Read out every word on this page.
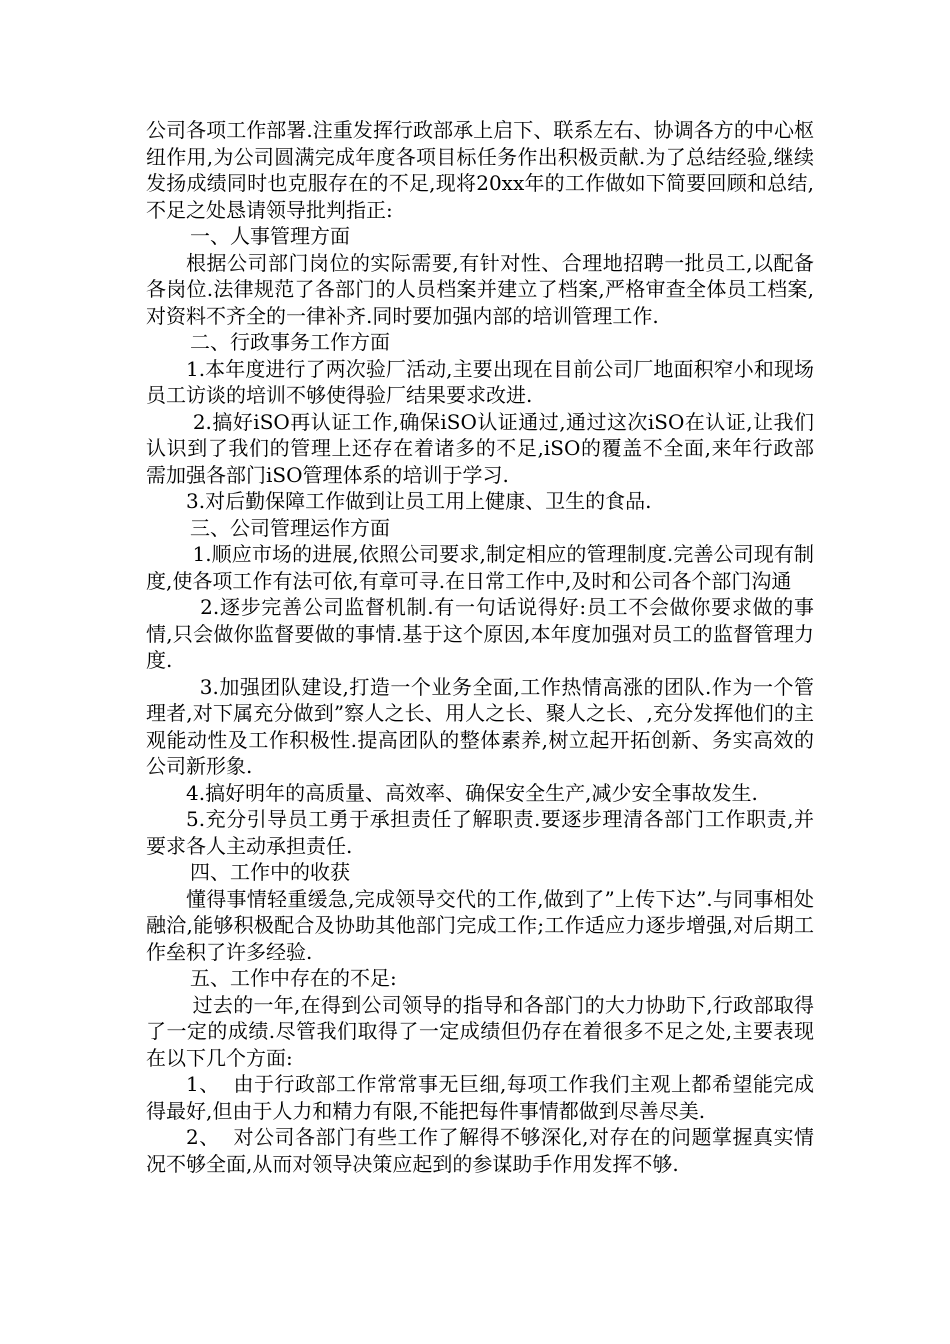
公司各项工作部署.注重发挥行政部承上启下、联系左右、协调各方的中心枢纽作用,为公司圆满完成年度各项目标任务作出积极贡献.为了总结经验,继续发扬成绩同时也克服存在的不足,现将20xx年的工作做如下简要回顾和总结,不足之处恳请领导批判指正:

一、人事管理方面

根据公司部门岗位的实际需要,有针对性、合理地招聘一批员工,以配备各岗位.法律规范了各部门的人员档案并建立了档案,严格审查全体员工档案,对资料不齐全的一律补齐.同时要加强内部的培训管理工作.

二、行政事务工作方面

1.本年度进行了两次验厂活动,主要出现在目前公司厂地面积窄小和现场员工访谈的培训不够使得验厂结果要求改进.

2.搞好iSO再认证工作,确保iSO认证通过,通过这次iSO在认证,让我们认识到了我们的管理上还存在着诸多的不足,iSO的覆盖不全面,来年行政部需加强各部门iSO管理体系的培训于学习.

3.对后勤保障工作做到让员工用上健康、卫生的食品.

三、公司管理运作方面

1.顺应市场的进展,依照公司要求,制定相应的管理制度.完善公司现有制度,使各项工作有法可依,有章可寻.在日常工作中,及时和公司各个部门沟通

2.逐步完善公司监督机制.有一句话说得好:员工不会做你要求做的事情,只会做你监督要做的事情.基于这个原因,本年度加强对员工的监督管理力度.

3.加强团队建设,打造一个业务全面,工作热情高涨的团队.作为一个管理者,对下属充分做到”察人之长、用人之长、聚人之长、,充分发挥他们的主观能动性及工作积极性.提高团队的整体素养,树立起开拓创新、务实高效的公司新形象.

4.搞好明年的高质量、高效率、确保安全生产,减少安全事故发生.

5.充分引导员工勇于承担责任了解职责.要逐步理清各部门工作职责,并要求各人主动承担责任.

四、工作中的收获

懂得事情轻重缓急,完成领导交代的工作,做到了”上传下达”.与同事相处融洽,能够积极配合及协助其他部门完成工作;工作适应力逐步增强,对后期工作垒积了许多经验.

五、工作中存在的不足:

过去的一年,在得到公司领导的指导和各部门的大力协助下,行政部取得了一定的成绩.尽管我们取得了一定成绩但仍存在着很多不足之处,主要表现在以下几个方面:

1、  由于行政部工作常常事无巨细,每项工作我们主观上都希望能完成得最好,但由于人力和精力有限,不能把每件事情都做到尽善尽美.

2、  对公司各部门有些工作了解得不够深化,对存在的问题掌握真实情况不够全面,从而对领导决策应起到的参谋助手作用发挥不够.
